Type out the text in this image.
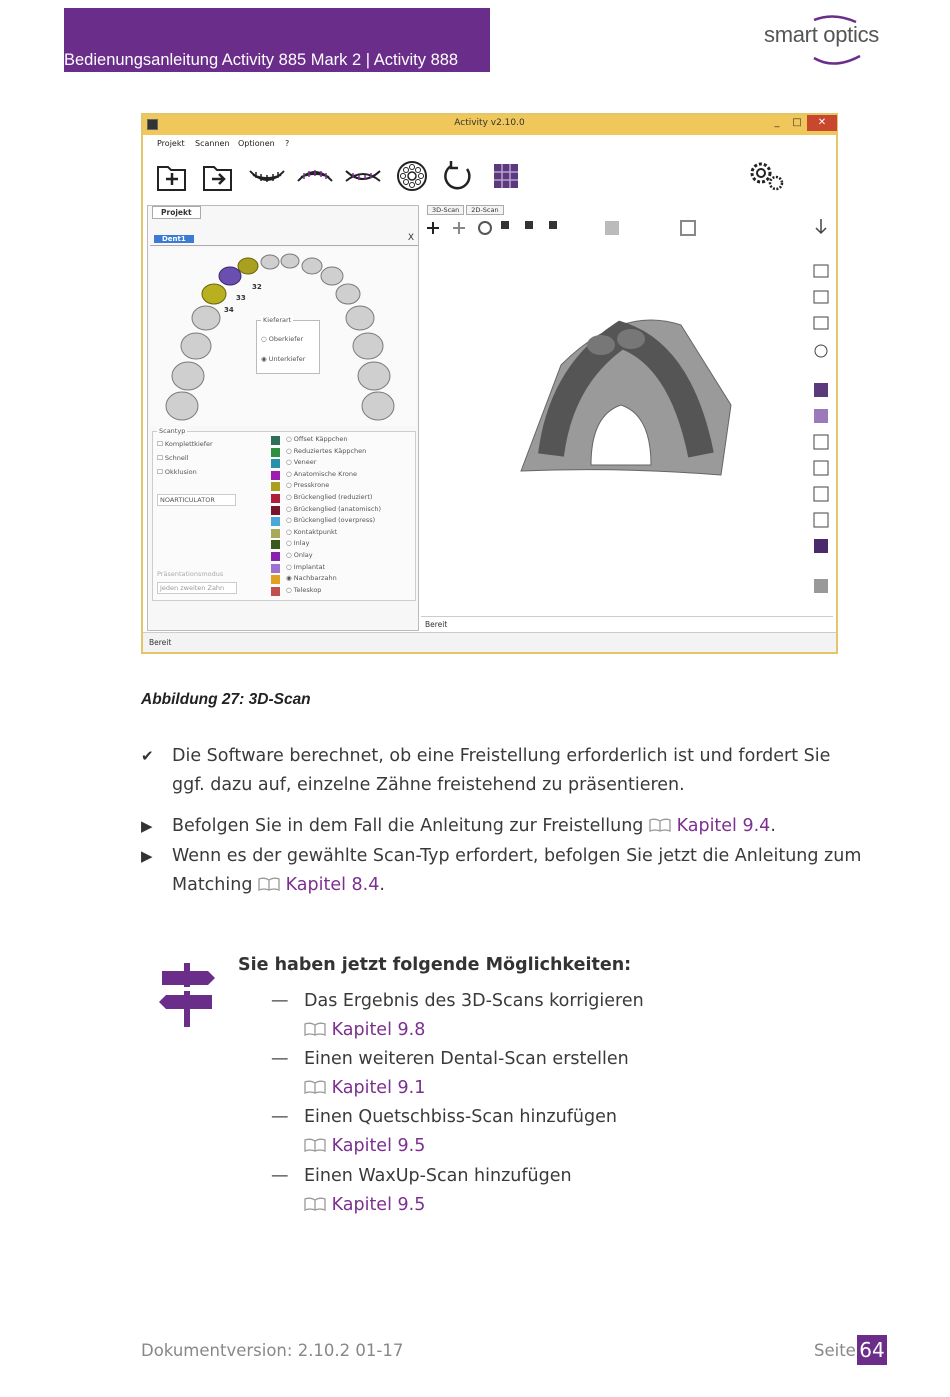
Bedienungsanleitung Activity 885 Mark 2 | Activity 888
smart optics
Activity v2.10.0	_	□	✕
Projekt Scannen Optionen ?
Projekt
Dent1	X
32
33
34
Kieferart
○ Oberkiefer
◉ Unterkiefer
Scantyp
☐ Komplettkiefer
☐ Schnell
☐ Okklusion
NOARTICULATOR
Präsentationsmodus
Jeden zweiten Zahn
○ Offset Käppchen
○ Reduziertes Käppchen
○ Veneer
○ Anatomische Krone
○ Presskrone
○ Brückenglied (reduziert)
○ Brückenglied (anatomisch)
○ Brückenglied (overpress)
○ Kontaktpunkt
○ Inlay
○ Onlay
○ Implantat
◉ Nachbarzahn
○ Teleskop
3D-Scan 2D-Scan
Bereit
Bereit
Abbildung 27: 3D-Scan
✔	Die Software berechnet, ob eine Freistellung erforderlich ist und fordert Sie ggf. dazu auf, einzelne Zähne freistehend zu präsentieren.
▶	Befolgen Sie in dem Fall die Anleitung zur Freistellung Kapitel 9.4.
▶	Wenn es der gewählte Scan-Typ erfordert, befolgen Sie jetzt die Anleitung zum Matching Kapitel 8.4.
Sie haben jetzt folgende Möglichkeiten:
— Das Ergebnis des 3D-Scans korrigieren
Kapitel 9.8
— Einen weiteren Dental-Scan erstellen
Kapitel 9.1
— Einen Quetschbiss-Scan hinzufügen
Kapitel 9.5
— Einen WaxUp-Scan hinzufügen
Kapitel 9.5
Dokumentversion: 2.10.2 01-17	Seite 64
